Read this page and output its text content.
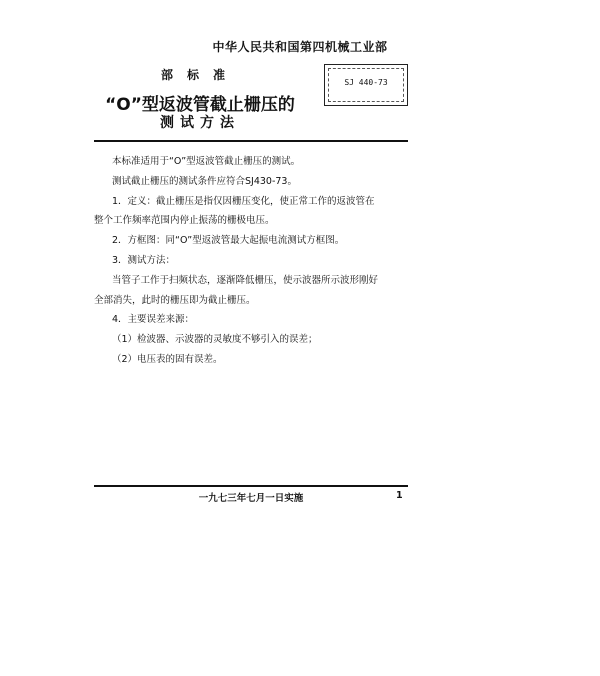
中华人民共和国第四机械工业部
部标准
“O”型返波管截止栅压的
测试方法
SJ 440-73

本标准适用于“O”型返波管截止栅压的测试。

测试截止栅压的测试条件应符合SJ430-73。

1．定义：截止栅压是指仅因栅压变化，使正常工作的返波管在

整个工作频率范围内停止振荡的栅极电压。

2．方框图：同“O”型返波管最大起振电流测试方框图。

3．测试方法：

当管子工作于扫频状态，逐渐降低栅压，使示波器所示波形刚好

全部消失，此时的栅压即为截止栅压。

4．主要误差来源：

（1）检波器、示波器的灵敏度不够引入的误差；

（2）电压表的固有误差。

一九七三年七月一日实施	1
